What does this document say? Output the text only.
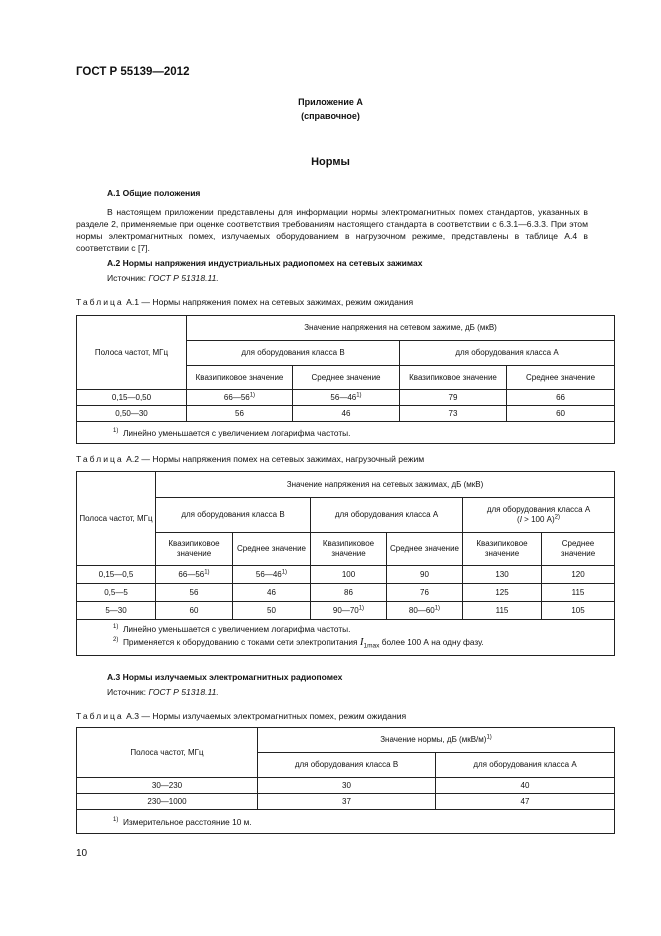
ГОСТ Р 55139—2012
Приложение А
(справочное)
Нормы
А.1 Общие положения
В настоящем приложении представлены для информации нормы электромагнитных помех стандартов, указанных в разделе 2, применяемые при оценке соответствия требованиям настоящего стандарта в соответствии с 6.3.1—6.3.3. При этом нормы электромагнитных помех, излучаемых оборудованием в нагрузочном режиме, представлены в таблице А.4 в соответствии с [7].
А.2 Нормы напряжения индустриальных радиопомех на сетевых зажимах
Источник: ГОСТ Р 51318.11.
Таблица А.1 — Нормы напряжения помех на сетевых зажимах, режим ожидания
Полоса частот, МГц	Значение напряжения на сетевом зажиме, дБ (мкВ)			
	для оборудования класса В		для оборудования класса А	
	Квазипиковое значение	Среднее значение	Квазипиковое значение	Среднее значение
0,15—0,50	66—56$^{1)}$	56—46$^{1)}$	79	66
0,50—30	56	46	73	60
$^{1)}$ Линейно уменьшается с увеличением логарифма частоты.				
Таблица А.2 — Нормы напряжения помех на сетевых зажимах, нагрузочный режим
Полоса частот, МГц	Значение напряжения на сетевых зажимах, дБ (мкВ)					
	для оборудования класса В		для оборудования класса А		для оборудования класса А
(I > 100 А)$^{2)}$

	Квазипиковое значение	Среднее значение	Квазипиковое значение	Среднее значение	Квазипиковое значение	Среднее значение
0,15—0,5	66—56$^{1)}$	56—46$^{1)}$	100	90	130	120
0,5—5	56	46	86	76	125	115
5—30	60	50	90—70$^{1)}$	80—60$^{1)}$	115	105

$^{1)}$ Линейно уменьшается с увеличением логарифма частоты.
$^{2)}$ Применяется к оборудованию с токами сети электропитания $I_{1max}$ более 100 А на одну фазу.						
А.3 Нормы излучаемых электромагнитных радиопомех
Источник: ГОСТ Р 51318.11.
Таблица А.3 — Нормы излучаемых электромагнитных помех, режим ожидания
Полоса частот, МГц	Значение нормы, дБ $(мкВ/м)^{1)}$
	для оборудования класса В	для оборудования класса А
30—230	30	40
230—1000	37	47
$^{1)}$ Измерительное расстояние 10 м.		
10
